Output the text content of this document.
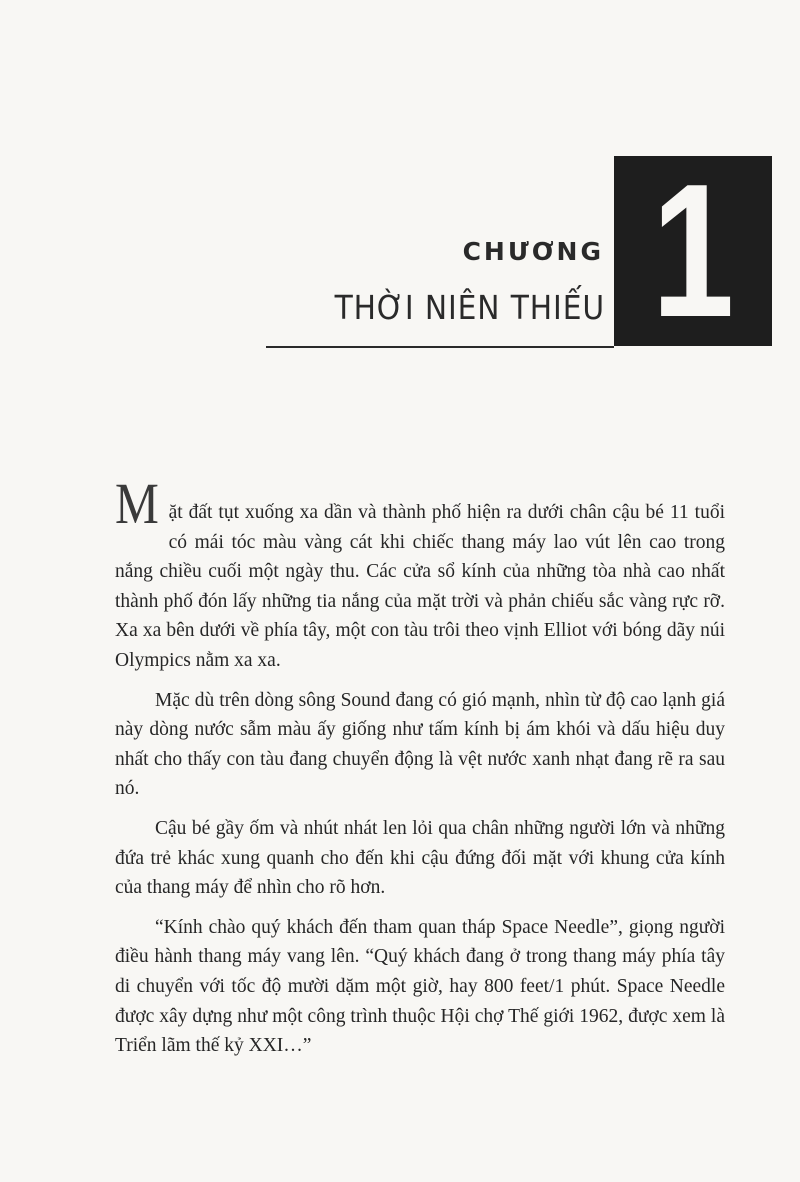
1
CHƯƠNG
THỜI NIÊN THIẾU

Mặt đất tụt xuống xa dần và thành phố hiện ra dưới chân cậu bé 11 tuổi có mái tóc màu vàng cát khi chiếc thang máy lao vút lên cao trong nắng chiều cuối một ngày thu. Các cửa sổ kính của những tòa nhà cao nhất thành phố đón lấy những tia nắng của mặt trời và phản chiếu sắc vàng rực rỡ. Xa xa bên dưới về phía tây, một con tàu trôi theo vịnh Elliot với bóng dãy núi Olympics nằm xa xa.

Mặc dù trên dòng sông Sound đang có gió mạnh, nhìn từ độ cao lạnh giá này dòng nước sẫm màu ấy giống như tấm kính bị ám khói và dấu hiệu duy nhất cho thấy con tàu đang chuyển động là vệt nước xanh nhạt đang rẽ ra sau nó.

Cậu bé gầy ốm và nhút nhát len lỏi qua chân những người lớn và những đứa trẻ khác xung quanh cho đến khi cậu đứng đối mặt với khung cửa kính của thang máy để nhìn cho rõ hơn.

“Kính chào quý khách đến tham quan tháp Space Needle”, giọng người điều hành thang máy vang lên. “Quý khách đang ở trong thang máy phía tây di chuyển với tốc độ mười dặm một giờ, hay 800 feet/1 phút. Space Needle được xây dựng như một công trình thuộc Hội chợ Thế giới 1962, được xem là Triển lãm thế kỷ XXI…”
